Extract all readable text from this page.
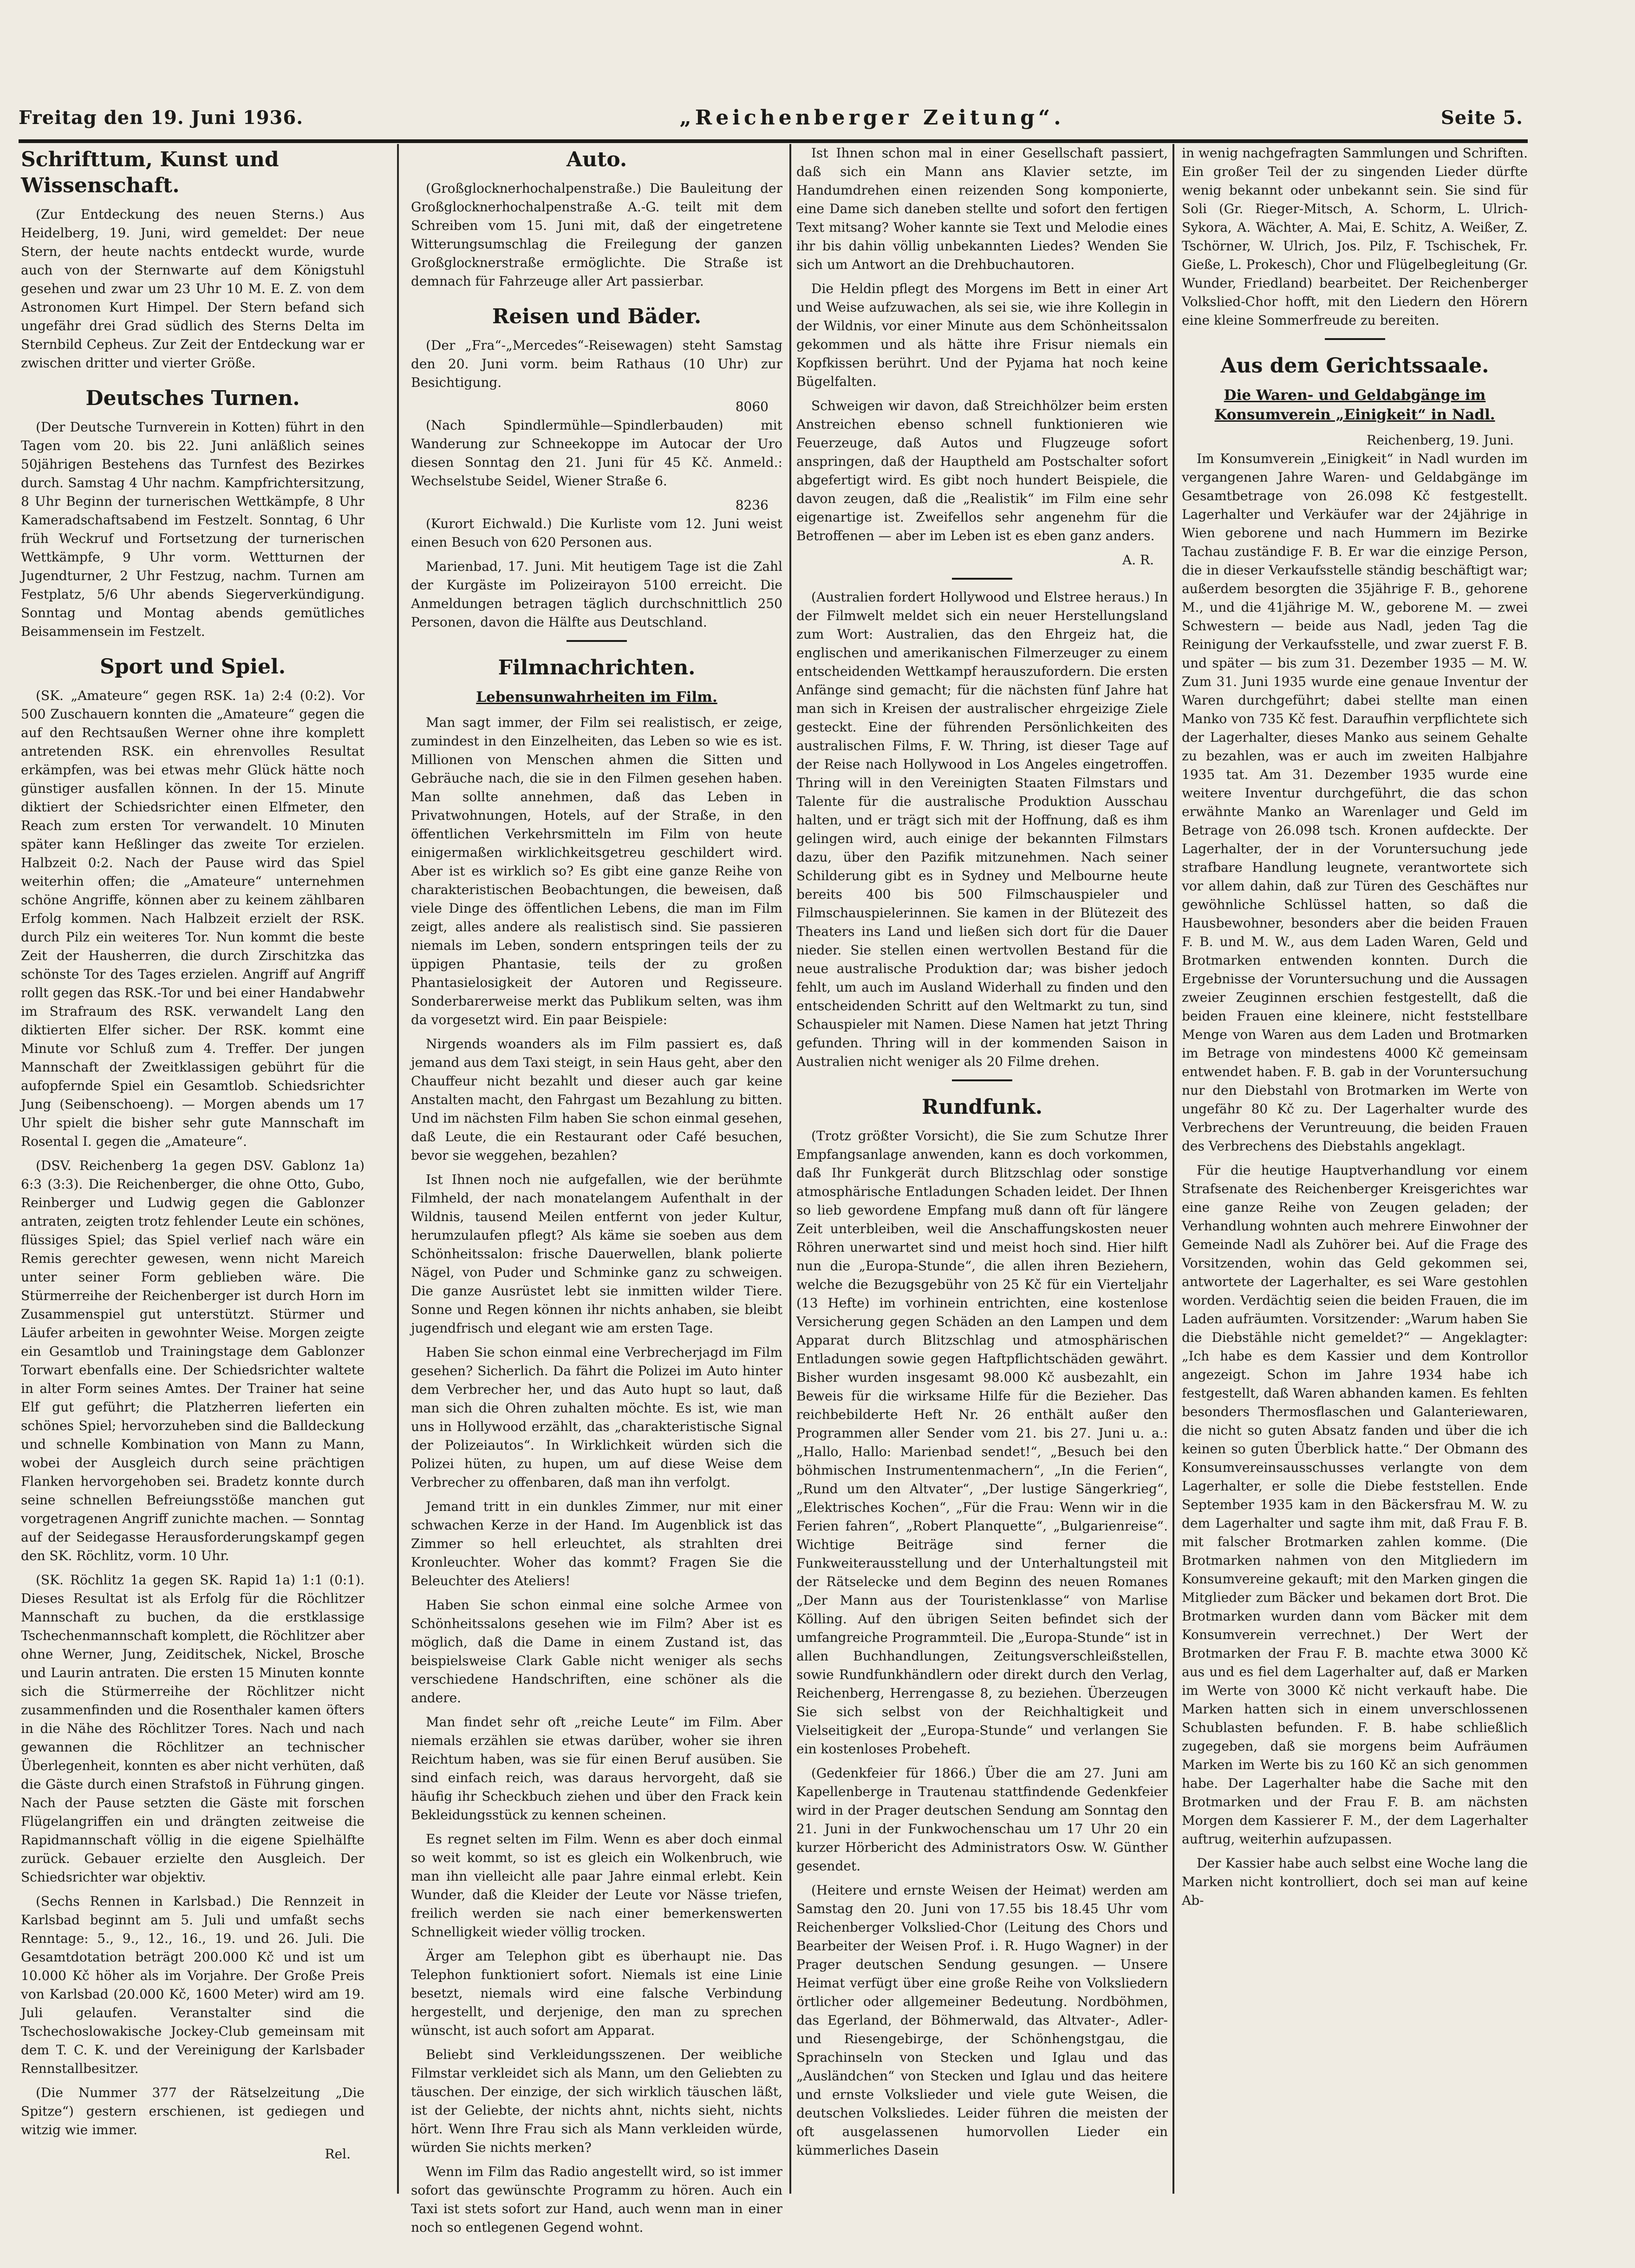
Freitag den 19. Juni 1936.	„Reichenberger Zeitung“.	Seite 5.
Schrifttum, Kunst und Wissenschaft.

(Zur Entdeckung des neuen Sterns.) Aus Heidelberg, 19. Juni, wird gemeldet: Der neue Stern, der heute nachts entdeckt wurde, wurde auch von der Sternwarte auf dem Königstuhl gesehen und zwar um 23 Uhr 10 M. E. Z. von dem Astronomen Kurt Himpel. Der Stern befand sich ungefähr drei Grad südlich des Sterns Delta im Sternbild Cepheus. Zur Zeit der Entdeckung war er zwischen dritter und vierter Größe.

Deutsches Turnen.

(Der Deutsche Turnverein in Kotten) führt in den Tagen vom 20. bis 22. Juni anläßlich seines 50jährigen Bestehens das Turnfest des Bezirkes durch. Samstag 4 Uhr nachm. Kampfrichtersitzung, 8 Uhr Beginn der turnerischen Wettkämpfe, 8 Uhr Kameradschaftsabend im Festzelt. Sonntag, 6 Uhr früh Weckruf und Fortsetzung der turnerischen Wettkämpfe, 9 Uhr vorm. Wettturnen der Jugendturner, 2 Uhr Festzug, nachm. Turnen am Festplatz, 5/6 Uhr abends Siegerverkündigung. Sonntag und Montag abends gemütliches Beisammensein im Festzelt.

Sport und Spiel.

(SK. „Amateure“ gegen RSK. 1a) 2:4 (0:2). Vor 500 Zuschauern konnten die „Amateure“ gegen die auf den Rechtsaußen Werner ohne ihre komplett antretenden RSK. ein ehrenvolles Resultat erkämpfen, was bei etwas mehr Glück hätte noch günstiger ausfallen können. In der 15. Minute diktiert der Schiedsrichter einen Elfmeter, den Reach zum ersten Tor verwandelt. 10 Minuten später kann Heßlinger das zweite Tor erzielen. Halbzeit 0:2. Nach der Pause wird das Spiel weiterhin offen; die „Amateure“ unternehmen schöne Angriffe, können aber zu keinem zählbaren Erfolg kommen. Nach Halbzeit erzielt der RSK. durch Pilz ein weiteres Tor. Nun kommt die beste Zeit der Hausherren, die durch Zirschitzka das schönste Tor des Tages erzielen. Angriff auf Angriff rollt gegen das RSK.-Tor und bei einer Handabwehr im Strafraum des RSK. verwandelt Lang den diktierten Elfer sicher. Der RSK. kommt eine Minute vor Schluß zum 4. Treffer. Der jungen Mannschaft der Zweitklassigen gebührt für die aufopfernde Spiel ein Gesamtlob. Schiedsrichter Jung (Seibenschoeng). — Morgen abends um 17 Uhr spielt die bisher sehr gute Mannschaft im Rosental I. gegen die „Amateure“.

(DSV. Reichenberg 1a gegen DSV. Gablonz 1a) 6:3 (3:3). Die Reichenberger, die ohne Otto, Gubo, Reinberger und Ludwig gegen die Gablonzer antraten, zeigten trotz fehlender Leute ein schönes, flüssiges Spiel; das Spiel verlief nach wäre ein Remis gerechter gewesen, wenn nicht Mareich unter seiner Form geblieben wäre. Die Stürmerreihe der Reichenberger ist durch Horn im Zusammenspiel gut unterstützt. Stürmer und Läufer arbeiten in gewohnter Weise. Morgen zeigte ein Gesamtlob und Trainingstage dem Gablonzer Torwart ebenfalls eine. Der Schiedsrichter waltete in alter Form seines Amtes. Der Trainer hat seine Elf gut geführt; die Platzherren lieferten ein schönes Spiel; hervorzuheben sind die Balldeckung und schnelle Kombination von Mann zu Mann, wobei der Ausgleich durch seine prächtigen Flanken hervorgehoben sei. Bradetz konnte durch seine schnellen Befreiungsstöße manchen gut vorgetragenen Angriff zunichte machen. — Sonntag auf der Seidegasse Herausforderungskampf gegen den SK. Röchlitz, vorm. 10 Uhr.

(SK. Röchlitz 1a gegen SK. Rapid 1a) 1:1 (0:1). Dieses Resultat ist als Erfolg für die Röchlitzer Mannschaft zu buchen, da die erstklassige Tschechenmannschaft komplett, die Röchlitzer aber ohne Werner, Jung, Zeiditschek, Nickel, Brosche und Laurin antraten. Die ersten 15 Minuten konnte sich die Stürmerreihe der Röchlitzer nicht zusammenfinden und die Rosenthaler kamen öfters in die Nähe des Röchlitzer Tores. Nach und nach gewannen die Röchlitzer an technischer Überlegenheit, konnten es aber nicht verhüten, daß die Gäste durch einen Strafstoß in Führung gingen. Nach der Pause setzten die Gäste mit forschen Flügelangriffen ein und drängten zeitweise die Rapidmannschaft völlig in die eigene Spielhälfte zurück. Gebauer erzielte den Ausgleich. Der Schiedsrichter war objektiv.

(Sechs Rennen in Karlsbad.) Die Rennzeit in Karlsbad beginnt am 5. Juli und umfaßt sechs Renntage: 5., 9., 12., 16., 19. und 26. Juli. Die Gesamtdotation beträgt 200.000 Kč und ist um 10.000 Kč höher als im Vorjahre. Der Große Preis von Karlsbad (20.000 Kč, 1600 Meter) wird am 19. Juli gelaufen. Veranstalter sind die Tschechoslowakische Jockey-Club gemeinsam mit dem T. C. K. und der Vereinigung der Karlsbader Rennstallbesitzer.

(Die Nummer 377 der Rätselzeitung „Die Spitze“) gestern erschienen, ist gediegen und witzig wie immer.

Rel.
Auto.

(Großglocknerhochalpenstraße.) Die Bauleitung der Großglocknerhochalpenstraße A.-G. teilt mit dem Schreiben vom 15. Juni mit, daß der eingetretene Witterungsumschlag die Freilegung der ganzen Großglocknerstraße ermöglichte. Die Straße ist demnach für Fahrzeuge aller Art passierbar.

Reisen und Bäder.

(Der „Fra“-„Mercedes“-Reisewagen) steht Samstag den 20. Juni vorm. beim Rathaus (10 Uhr) zur Besichtigung.

8060

(Nach Spindlermühle—Spindlerbauden) mit Wanderung zur Schneekoppe im Autocar der Uro diesen Sonntag den 21. Juni für 45 Kč. Anmeld.: Wechselstube Seidel, Wiener Straße 6.

8236

(Kurort Eichwald.) Die Kurliste vom 12. Juni weist einen Besuch von 620 Personen aus.

Marienbad, 17. Juni. Mit heutigem Tage ist die Zahl der Kurgäste im Polizeirayon 5100 erreicht. Die Anmeldungen betragen täglich durchschnittlich 250 Personen, davon die Hälfte aus Deutschland.

Filmnachrichten.
Lebensunwahrheiten im Film.

Man sagt immer, der Film sei realistisch, er zeige, zumindest in den Einzelheiten, das Leben so wie es ist. Millionen von Menschen ahmen die Sitten und Gebräuche nach, die sie in den Filmen gesehen haben. Man sollte annehmen, daß das Leben in Privatwohnungen, Hotels, auf der Straße, in den öffentlichen Verkehrsmitteln im Film von heute einigermaßen wirklichkeitsgetreu geschildert wird. Aber ist es wirklich so? Es gibt eine ganze Reihe von charakteristischen Beobachtungen, die beweisen, daß viele Dinge des öffentlichen Lebens, die man im Film zeigt, alles andere als realistisch sind. Sie passieren niemals im Leben, sondern entspringen teils der zu üppigen Phantasie, teils der zu großen Phantasielosigkeit der Autoren und Regisseure. Sonderbarerweise merkt das Publikum selten, was ihm da vorgesetzt wird. Ein paar Beispiele:

Nirgends woanders als im Film passiert es, daß jemand aus dem Taxi steigt, in sein Haus geht, aber den Chauffeur nicht bezahlt und dieser auch gar keine Anstalten macht, den Fahrgast um Bezahlung zu bitten. Und im nächsten Film haben Sie schon einmal gesehen, daß Leute, die ein Restaurant oder Café besuchen, bevor sie weggehen, bezahlen?

Ist Ihnen noch nie aufgefallen, wie der berühmte Filmheld, der nach monatelangem Aufenthalt in der Wildnis, tausend Meilen entfernt von jeder Kultur, herumzulaufen pflegt? Als käme sie soeben aus dem Schönheitssalon: frische Dauerwellen, blank polierte Nägel, von Puder und Schminke ganz zu schweigen. Die ganze Ausrüstet lebt sie inmitten wilder Tiere. Sonne und Regen können ihr nichts anhaben, sie bleibt jugendfrisch und elegant wie am ersten Tage.

Haben Sie schon einmal eine Verbrecherjagd im Film gesehen? Sicherlich. Da fährt die Polizei im Auto hinter dem Verbrecher her, und das Auto hupt so laut, daß man sich die Ohren zuhalten möchte. Es ist, wie man uns in Hollywood erzählt, das „charakteristische Signal der Polizeiautos“. In Wirklichkeit würden sich die Polizei hüten, zu hupen, um auf diese Weise dem Verbrecher zu offenbaren, daß man ihn verfolgt.

Jemand tritt in ein dunkles Zimmer, nur mit einer schwachen Kerze in der Hand. Im Augenblick ist das Zimmer so hell erleuchtet, als strahlten drei Kronleuchter. Woher das kommt? Fragen Sie die Beleuchter des Ateliers!

Haben Sie schon einmal eine solche Armee von Schönheitssalons gesehen wie im Film? Aber ist es möglich, daß die Dame in einem Zustand ist, das beispielsweise Clark Gable nicht weniger als sechs verschiedene Handschriften, eine schöner als die andere.

Man findet sehr oft „reiche Leute“ im Film. Aber niemals erzählen sie etwas darüber, woher sie ihren Reichtum haben, was sie für einen Beruf ausüben. Sie sind einfach reich, was daraus hervorgeht, daß sie häufig ihr Scheckbuch ziehen und über den Frack kein Bekleidungsstück zu kennen scheinen.

Es regnet selten im Film. Wenn es aber doch einmal so weit kommt, so ist es gleich ein Wolkenbruch, wie man ihn vielleicht alle paar Jahre einmal erlebt. Kein Wunder, daß die Kleider der Leute vor Nässe triefen, freilich werden sie nach einer bemerkenswerten Schnelligkeit wieder völlig trocken.

Ärger am Telephon gibt es überhaupt nie. Das Telephon funktioniert sofort. Niemals ist eine Linie besetzt, niemals wird eine falsche Verbindung hergestellt, und derjenige, den man zu sprechen wünscht, ist auch sofort am Apparat.

Beliebt sind Verkleidungsszenen. Der weibliche Filmstar verkleidet sich als Mann, um den Geliebten zu täuschen. Der einzige, der sich wirklich täuschen läßt, ist der Geliebte, der nichts ahnt, nichts sieht, nichts hört. Wenn Ihre Frau sich als Mann verkleiden würde, würden Sie nichts merken?

Wenn im Film das Radio angestellt wird, so ist immer sofort das gewünschte Programm zu hören. Auch ein Taxi ist stets sofort zur Hand, auch wenn man in einer noch so entlegenen Gegend wohnt.

Ist Ihnen schon mal in einer Gesellschaft passiert, daß sich ein Mann ans Klavier setzte, im Handumdrehen einen reizenden Song komponierte, eine Dame sich daneben stellte und sofort den fertigen Text mitsang? Woher kannte sie Text und Melodie eines ihr bis dahin völlig unbekannten Liedes? Wenden Sie sich um Antwort an die Drehbuchautoren.

Die Heldin pflegt des Morgens im Bett in einer Art und Weise aufzuwachen, als sei sie, wie ihre Kollegin in der Wildnis, vor einer Minute aus dem Schönheitssalon gekommen und als hätte ihre Frisur niemals ein Kopfkissen berührt. Und der Pyjama hat noch keine Bügelfalten.

Schweigen wir davon, daß Streichhölzer beim ersten Anstreichen ebenso schnell funktionieren wie Feuerzeuge, daß Autos und Flugzeuge sofort anspringen, daß der Hauptheld am Postschalter sofort abgefertigt wird. Es gibt noch hundert Beispiele, die davon zeugen, daß die „Realistik“ im Film eine sehr eigenartige ist. Zweifellos sehr angenehm für die Betroffenen — aber im Leben ist es eben ganz anders.

A. R.

(Australien fordert Hollywood und Elstree heraus.) In der Filmwelt meldet sich ein neuer Herstellungsland zum Wort: Australien, das den Ehrgeiz hat, die englischen und amerikanischen Filmerzeuger zu einem entscheidenden Wettkampf herauszufordern. Die ersten Anfänge sind gemacht; für die nächsten fünf Jahre hat man sich in Kreisen der australischer ehrgeizige Ziele gesteckt. Eine der führenden Persönlichkeiten des australischen Films, F. W. Thring, ist dieser Tage auf der Reise nach Hollywood in Los Angeles eingetroffen. Thring will in den Vereinigten Staaten Filmstars und Talente für die australische Produktion Ausschau halten, und er trägt sich mit der Hoffnung, daß es ihm gelingen wird, auch einige der bekannten Filmstars dazu, über den Pazifik mitzunehmen. Nach seiner Schilderung gibt es in Sydney und Melbourne heute bereits 400 bis 500 Filmschauspieler und Filmschauspielerinnen. Sie kamen in der Blütezeit des Theaters ins Land und ließen sich dort für die Dauer nieder. Sie stellen einen wertvollen Bestand für die neue australische Produktion dar; was bisher jedoch fehlt, um auch im Ausland Widerhall zu finden und den entscheidenden Schritt auf den Weltmarkt zu tun, sind Schauspieler mit Namen. Diese Namen hat jetzt Thring gefunden. Thring will in der kommenden Saison in Australien nicht weniger als 20 Filme drehen.

Rundfunk.

(Trotz größter Vorsicht), die Sie zum Schutze Ihrer Empfangsanlage anwenden, kann es doch vorkommen, daß Ihr Funkgerät durch Blitzschlag oder sonstige atmosphärische Entladungen Schaden leidet. Der Ihnen so lieb gewordene Empfang muß dann oft für längere Zeit unterbleiben, weil die Anschaffungskosten neuer Röhren unerwartet sind und meist hoch sind. Hier hilft nun die „Europa-Stunde“, die allen ihren Beziehern, welche die Bezugsgebühr von 25 Kč für ein Vierteljahr (13 Hefte) im vorhinein entrichten, eine kostenlose Versicherung gegen Schäden an den Lampen und dem Apparat durch Blitzschlag und atmosphärischen Entladungen sowie gegen Haftpflichtschäden gewährt. Bisher wurden insgesamt 98.000 Kč ausbezahlt, ein Beweis für die wirksame Hilfe für die Bezieher. Das reichbebilderte Heft Nr. 26 enthält außer den Programmen aller Sender vom 21. bis 27. Juni u. a.: „Hallo, Hallo: Marienbad sendet!“, „Besuch bei den böhmischen Instrumentenmachern“, „In die Ferien“, „Rund um den Altvater“, „Der lustige Sängerkrieg“, „Elektrisches Kochen“, „Für die Frau: Wenn wir in die Ferien fahren“, „Robert Planquette“, „Bulgarienreise“. Wichtige Beiträge sind ferner die Funkweiterausstellung und der Unterhaltungsteil mit der Rätselecke und dem Beginn des neuen Romanes „Der Mann aus der Touristenklasse“ von Marlise Kölling. Auf den übrigen Seiten befindet sich der umfangreiche Programmteil. Die „Europa-Stunde“ ist in allen Buchhandlungen, Zeitungsverschleißstellen, sowie Rundfunkhändlern oder direkt durch den Verlag, Reichenberg, Herrengasse 8, zu beziehen. Überzeugen Sie sich selbst von der Reichhaltigkeit und Vielseitigkeit der „Europa-Stunde“ und verlangen Sie ein kostenloses Probeheft.

(Gedenkfeier für 1866.) Über die am 27. Juni am Kapellenberge in Trautenau stattfindende Gedenkfeier wird in der Prager deutschen Sendung am Sonntag den 21. Juni in der Funkwochenschau um 17 Uhr 20 ein kurzer Hörbericht des Administrators Osw. W. Günther gesendet.

(Heitere und ernste Weisen der Heimat) werden am Samstag den 20. Juni von 17.55 bis 18.45 Uhr vom Reichenberger Volkslied-Chor (Leitung des Chors und Bearbeiter der Weisen Prof. i. R. Hugo Wagner) in der Prager deutschen Sendung gesungen. — Unsere Heimat verfügt über eine große Reihe von Volksliedern örtlicher oder allgemeiner Bedeutung. Nordböhmen, das Egerland, der Böhmerwald, das Altvater-, Adler- und Riesengebirge, der Schönhengstgau, die Sprachinseln von Stecken und Iglau und das „Ausländchen“ von Stecken und Iglau und das heitere und ernste Volkslieder und viele gute Weisen, die deutschen Volksliedes. Leider führen die meisten der oft ausgelassenen humorvollen Lieder ein kümmerliches Dasein

in wenig nachgefragten Sammlungen und Schriften. Ein großer Teil der zu singenden Lieder dürfte wenig bekannt oder unbekannt sein. Sie sind für Soli (Gr. Rieger-Mitsch, A. Schorm, L. Ulrich-Sykora, A. Wächter, A. Mai, E. Schitz, A. Weißer, Z. Tschörner, W. Ulrich, Jos. Pilz, F. Tschischek, Fr. Gieße, L. Prokesch), Chor und Flügelbegleitung (Gr. Wunder, Friedland) bearbeitet. Der Reichenberger Volkslied-Chor hofft, mit den Liedern den Hörern eine kleine Sommerfreude zu bereiten.

Aus dem Gerichtssaale.
Die Waren- und Geldabgänge im Konsumverein „Einigkeit“ in Nadl.
Reichenberg, 19. Juni.

Im Konsumverein „Einigkeit“ in Nadl wurden im vergangenen Jahre Waren- und Geldabgänge im Gesamtbetrage von 26.098 Kč festgestellt. Lagerhalter und Verkäufer war der 24jährige in Wien geborene und nach Hummern im Bezirke Tachau zuständige F. B. Er war die einzige Person, die in dieser Verkaufsstelle ständig beschäftigt war; außerdem besorgten die 35jährige F. B., gehorene M., und die 41jährige M. W., geborene M. — zwei Schwestern — beide aus Nadl, jeden Tag die Reinigung der Verkaufsstelle, und zwar zuerst F. B. und später — bis zum 31. Dezember 1935 — M. W. Zum 31. Juni 1935 wurde eine genaue Inventur der Waren durchgeführt; dabei stellte man einen Manko von 735 Kč fest. Daraufhin verpflichtete sich der Lagerhalter, dieses Manko aus seinem Gehalte zu bezahlen, was er auch im zweiten Halbjahre 1935 tat. Am 31. Dezember 1935 wurde eine weitere Inventur durchgeführt, die das schon erwähnte Manko an Warenlager und Geld im Betrage von 26.098 tsch. Kronen aufdeckte. Der Lagerhalter, der in der Voruntersuchung jede strafbare Handlung leugnete, verantwortete sich vor allem dahin, daß zur Türen des Geschäftes nur gewöhnliche Schlüssel hatten, so daß die Hausbewohner, besonders aber die beiden Frauen F. B. und M. W., aus dem Laden Waren, Geld und Brotmarken entwenden konnten. Durch die Ergebnisse der Voruntersuchung und die Aussagen zweier Zeuginnen erschien festgestellt, daß die beiden Frauen eine kleinere, nicht feststellbare Menge von Waren aus dem Laden und Brotmarken im Betrage von mindestens 4000 Kč gemeinsam entwendet haben. F. B. gab in der Voruntersuchung nur den Diebstahl von Brotmarken im Werte von ungefähr 80 Kč zu. Der Lagerhalter wurde des Verbrechens der Veruntreuung, die beiden Frauen des Verbrechens des Diebstahls angeklagt.

Für die heutige Hauptverhandlung vor einem Strafsenate des Reichenberger Kreisgerichtes war eine ganze Reihe von Zeugen geladen; der Verhandlung wohnten auch mehrere Einwohner der Gemeinde Nadl als Zuhörer bei. Auf die Frage des Vorsitzenden, wohin das Geld gekommen sei, antwortete der Lagerhalter, es sei Ware gestohlen worden. Verdächtig seien die beiden Frauen, die im Laden aufräumten. Vorsitzender: „Warum haben Sie die Diebstähle nicht gemeldet?“ — Angeklagter: „Ich habe es dem Kassier und dem Kontrollor angezeigt. Schon im Jahre 1934 habe ich festgestellt, daß Waren abhanden kamen. Es fehlten besonders Thermosflaschen und Galanteriewaren, die nicht so guten Absatz fanden und über die ich keinen so guten Überblick hatte.“ Der Obmann des Konsumvereinsausschusses verlangte von dem Lagerhalter, er solle die Diebe feststellen. Ende September 1935 kam in den Bäckersfrau M. W. zu dem Lagerhalter und sagte ihm mit, daß Frau F. B. mit falscher Brotmarken zahlen komme. (Die Brotmarken nahmen von den Mitgliedern im Konsumvereine gekauft; mit den Marken gingen die Mitglieder zum Bäcker und bekamen dort Brot. Die Brotmarken wurden dann vom Bäcker mit dem Konsumverein verrechnet.) Der Wert der Brotmarken der Frau F. B. machte etwa 3000 Kč aus und es fiel dem Lagerhalter auf, daß er Marken im Werte von 3000 Kč nicht verkauft habe. Die Marken hatten sich in einem unverschlossenen Schublasten befunden. F. B. habe schließlich zugegeben, daß sie morgens beim Aufräumen Marken im Werte bis zu 160 Kč an sich genommen habe. Der Lagerhalter habe die Sache mit den Brotmarken und der Frau F. B. am nächsten Morgen dem Kassierer F. M., der dem Lagerhalter auftrug, weiterhin aufzupassen.

Der Kassier habe auch selbst eine Woche lang die Marken nicht kontrolliert, doch sei man auf keine Ab-
